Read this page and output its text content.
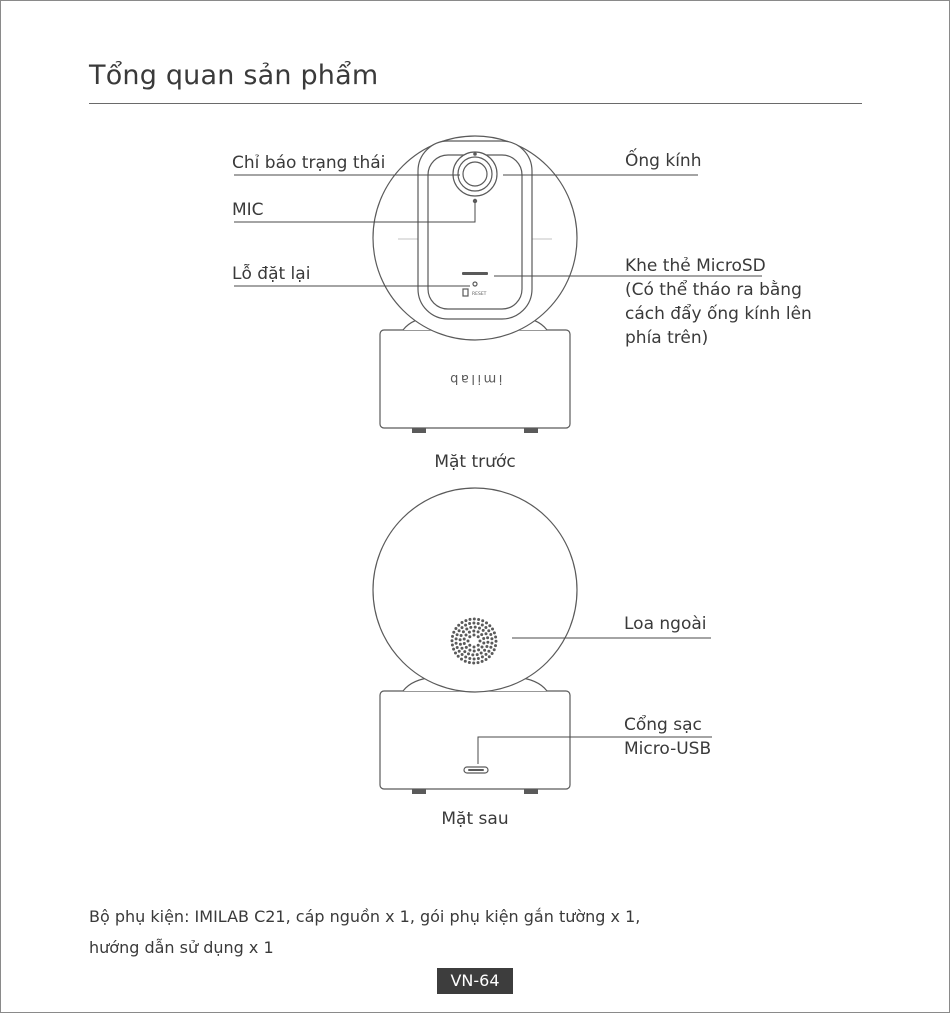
Tổng quan sản phẩm
RESET
imilab
Chỉ báo trạng thái
MIC
Lỗ đặt lại
Ống kính
Khe thẻ MicroSD
(Có thể tháo ra bằng
cách đẩy ống kính lên
phía trên)
Mặt trước
Loa ngoài
Cổng sạc
Micro-USB
Mặt sau
Bộ phụ kiện: IMILAB C21, cáp nguồn x 1, gói phụ kiện gắn tường x 1,
hướng dẫn sử dụng x 1
VN-64
